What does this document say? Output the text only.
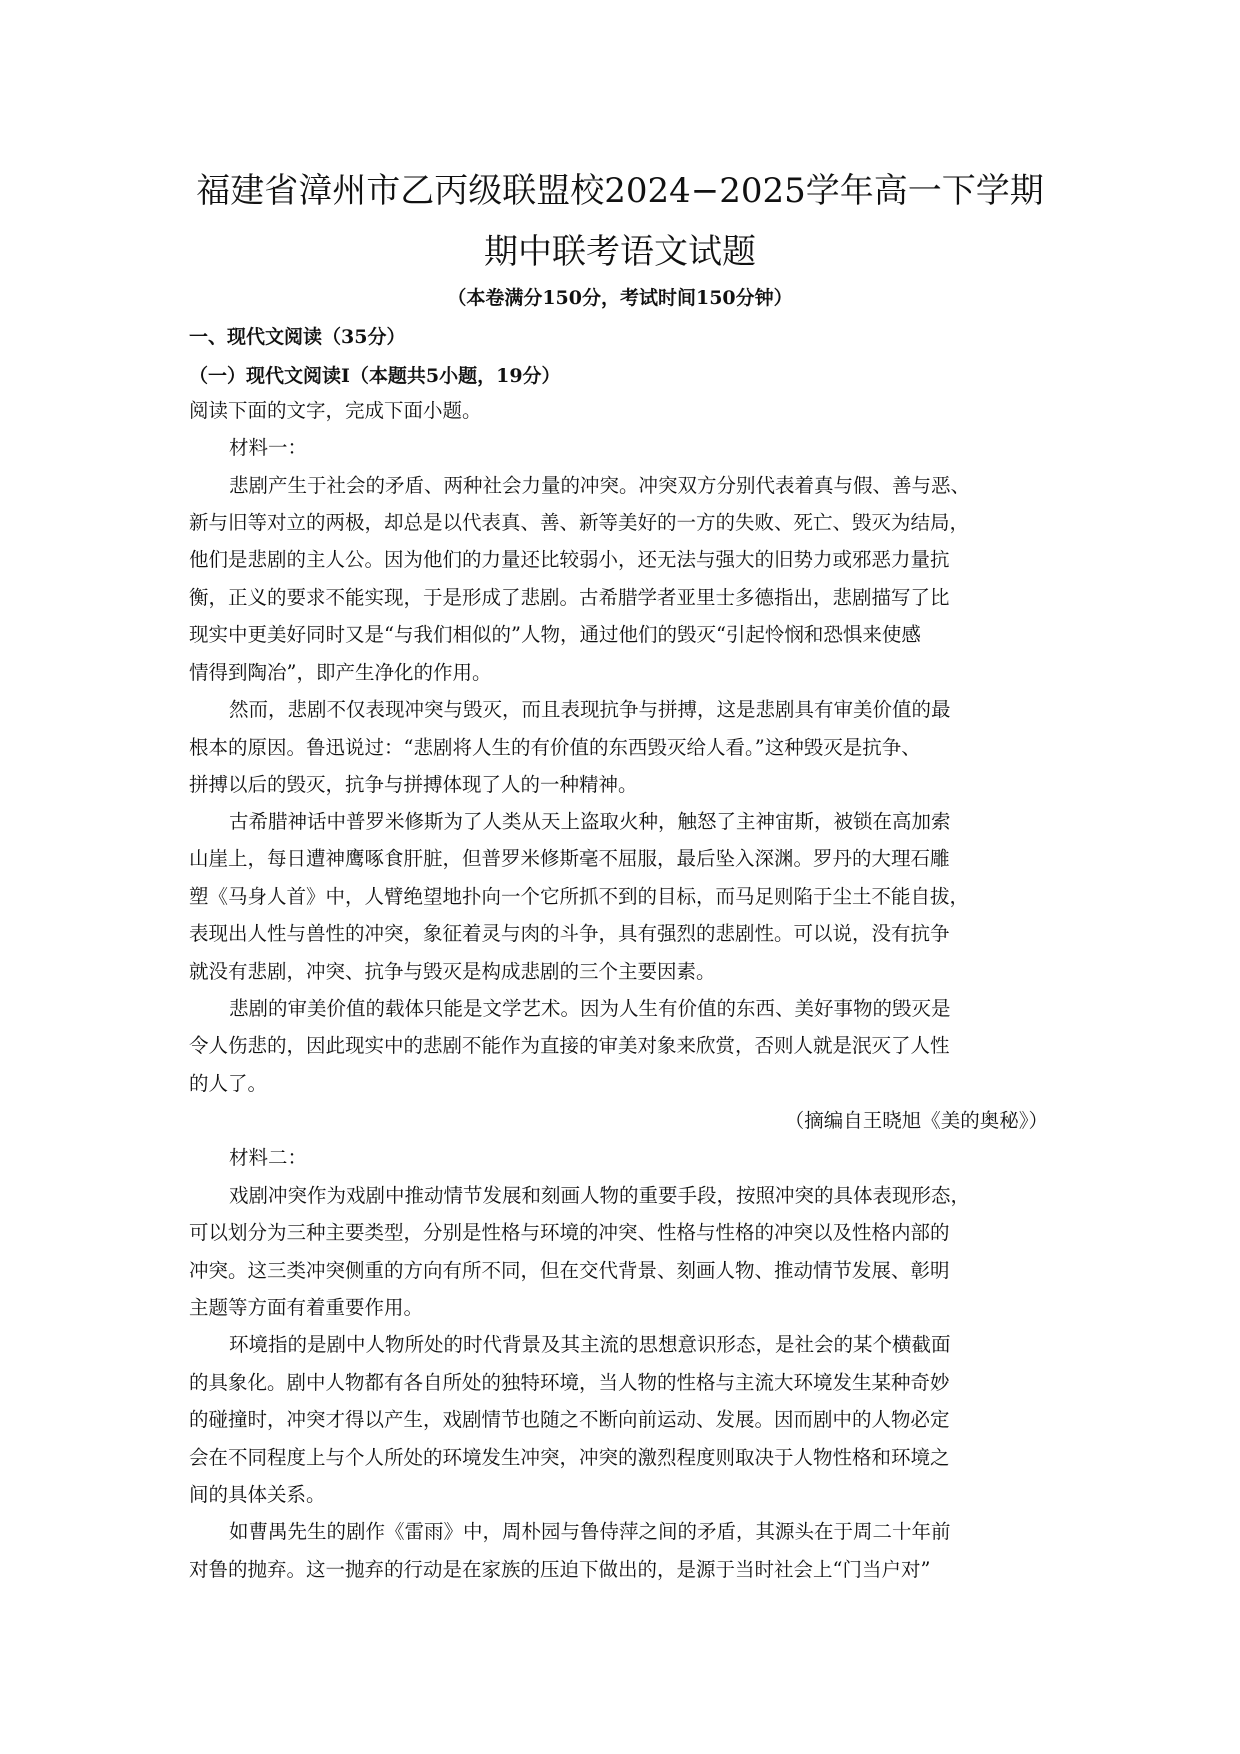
福建省漳州市乙丙级联盟校2024−2025学年高一下学期
期中联考语文试题
（本卷满分150分，考试时间150分钟）
一、现代文阅读（35分）
（一）现代文阅读Ⅰ（本题共5小题，19分）
阅读下面的文字，完成下面小题。
材料一：
悲剧产生于社会的矛盾、两种社会力量的冲突。冲突双方分别代表着真与假、善与恶、
新与旧等对立的两极，却总是以代表真、善、新等美好的一方的失败、死亡、毁灭为结局，
他们是悲剧的主人公。因为他们的力量还比较弱小，还无法与强大的旧势力或邪恶力量抗
衡，正义的要求不能实现，于是形成了悲剧。古希腊学者亚里士多德指出，悲剧描写了比
现实中更美好同时又是“与我们相似的”人物，通过他们的毁灭“引起怜悯和恐惧来使感
情得到陶冶”，即产生净化的作用。
然而，悲剧不仅表现冲突与毁灭，而且表现抗争与拼搏，这是悲剧具有审美价值的最
根本的原因。鲁迅说过：“悲剧将人生的有价值的东西毁灭给人看。”这种毁灭是抗争、
拼搏以后的毁灭，抗争与拼搏体现了人的一种精神。
古希腊神话中普罗米修斯为了人类从天上盗取火种，触怒了主神宙斯，被锁在高加索
山崖上，每日遭神鹰啄食肝脏，但普罗米修斯毫不屈服，最后坠入深渊。罗丹的大理石雕
塑《马身人首》中，人臂绝望地扑向一个它所抓不到的目标，而马足则陷于尘土不能自拔，
表现出人性与兽性的冲突，象征着灵与肉的斗争，具有强烈的悲剧性。可以说，没有抗争
就没有悲剧，冲突、抗争与毁灭是构成悲剧的三个主要因素。
悲剧的审美价值的载体只能是文学艺术。因为人生有价值的东西、美好事物的毁灭是
令人伤悲的，因此现实中的悲剧不能作为直接的审美对象来欣赏，否则人就是泯灭了人性
的人了。
（摘编自王晓旭《美的奥秘》）
材料二：
戏剧冲突作为戏剧中推动情节发展和刻画人物的重要手段，按照冲突的具体表现形态，
可以划分为三种主要类型，分别是性格与环境的冲突、性格与性格的冲突以及性格内部的
冲突。这三类冲突侧重的方向有所不同，但在交代背景、刻画人物、推动情节发展、彰明
主题等方面有着重要作用。
环境指的是剧中人物所处的时代背景及其主流的思想意识形态，是社会的某个横截面
的具象化。剧中人物都有各自所处的独特环境，当人物的性格与主流大环境发生某种奇妙
的碰撞时，冲突才得以产生，戏剧情节也随之不断向前运动、发展。因而剧中的人物必定
会在不同程度上与个人所处的环境发生冲突，冲突的激烈程度则取决于人物性格和环境之
间的具体关系。
如曹禺先生的剧作《雷雨》中，周朴园与鲁侍萍之间的矛盾，其源头在于周二十年前
对鲁的抛弃。这一抛弃的行动是在家族的压迫下做出的，是源于当时社会上“门当户对”
